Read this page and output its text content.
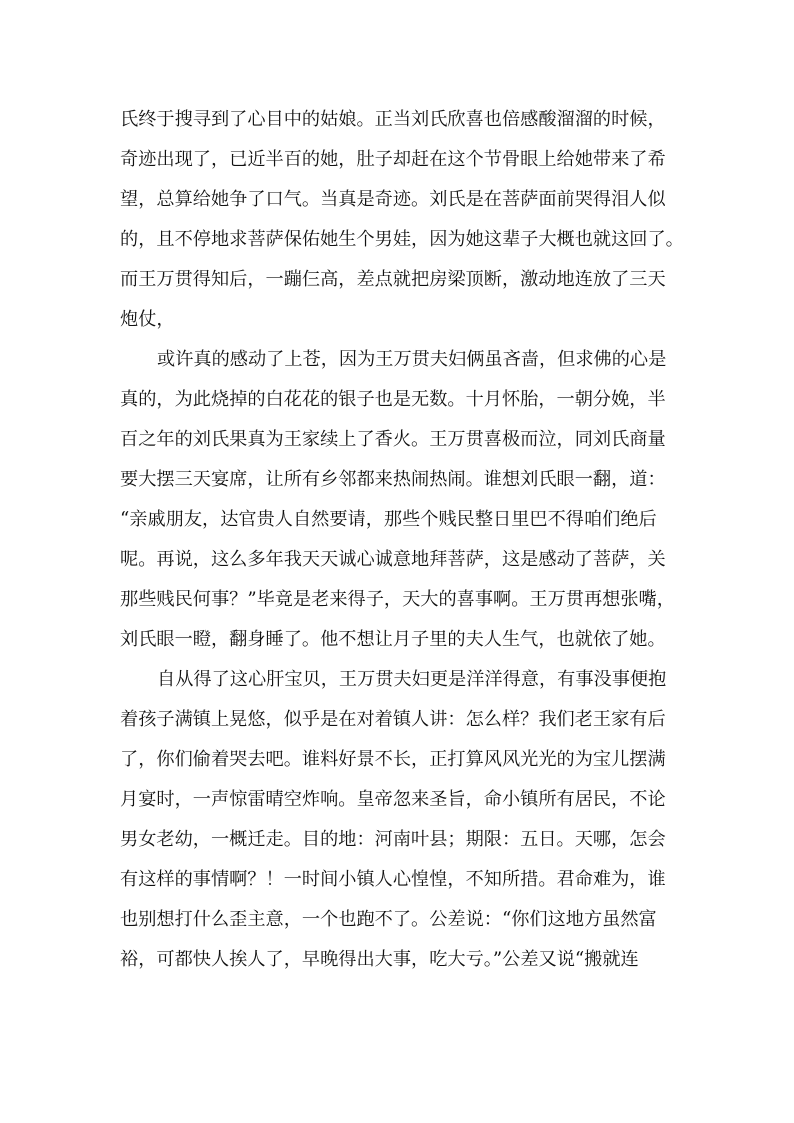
氏终于搜寻到了心目中的姑娘。正当刘氏欣喜也倍感酸溜溜的时候，
奇迹出现了，已近半百的她，肚子却赶在这个节骨眼上给她带来了希
望，总算给她争了口气。当真是奇迹。刘氏是在菩萨面前哭得泪人似
的，且不停地求菩萨保佑她生个男娃，因为她这辈子大概也就这回了。
而王万贯得知后，一蹦仨高，差点就把房梁顶断，激动地连放了三天
炮仗，
或许真的感动了上苍，因为王万贯夫妇俩虽吝啬，但求佛的心是
真的，为此烧掉的白花花的银子也是无数。十月怀胎，一朝分娩，半
百之年的刘氏果真为王家续上了香火。王万贯喜极而泣，同刘氏商量
要大摆三天宴席，让所有乡邻都来热闹热闹。谁想刘氏眼一翻，道：
“亲戚朋友，达官贵人自然要请，那些个贱民整日里巴不得咱们绝后
呢。再说，这么多年我天天诚心诚意地拜菩萨，这是感动了菩萨，关
那些贱民何事？”毕竟是老来得子，天大的喜事啊。王万贯再想张嘴，
刘氏眼一瞪，翻身睡了。他不想让月子里的夫人生气，也就依了她。
自从得了这心肝宝贝，王万贯夫妇更是洋洋得意，有事没事便抱
着孩子满镇上晃悠，似乎是在对着镇人讲：怎么样？我们老王家有后
了，你们偷着哭去吧。谁料好景不长，正打算风风光光的为宝儿摆满
月宴时，一声惊雷晴空炸响。皇帝忽来圣旨，命小镇所有居民，不论
男女老幼，一概迁走。目的地：河南叶县；期限：五日。天哪，怎会
有这样的事情啊？！一时间小镇人心惶惶，不知所措。君命难为，谁
也别想打什么歪主意，一个也跑不了。公差说：“你们这地方虽然富
裕，可都快人挨人了，早晚得出大事，吃大亏。”公差又说“搬就连
